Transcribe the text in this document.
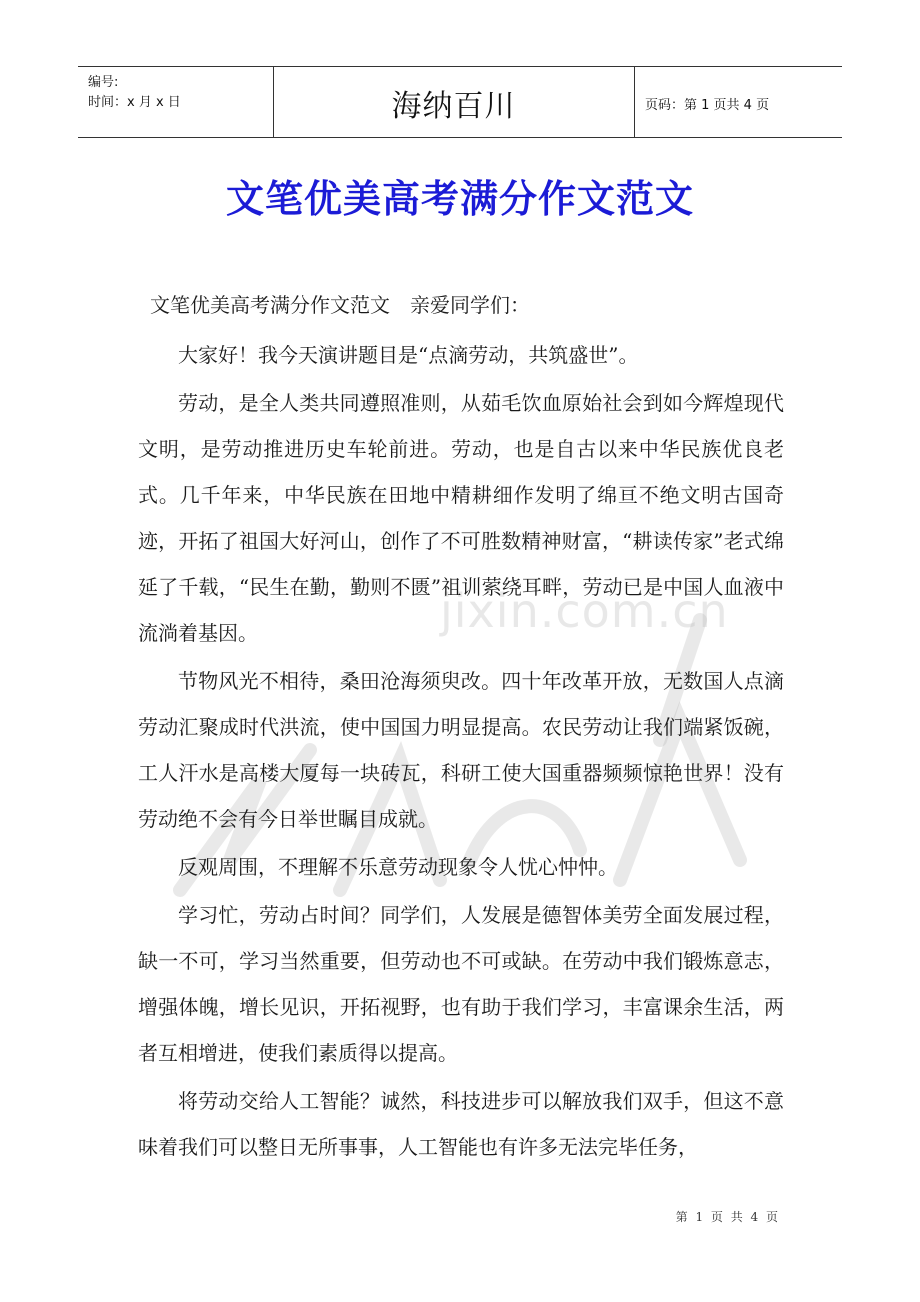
编号:
时间：x 月 x 日	海纳百川	页码：第 1 页共 4 页
文笔优美高考满分作文范文
jixin.com.cn

文笔优美高考满分作文范文　亲爱同学们：

大家好！我今天演讲题目是“点滴劳动，共筑盛世”。

劳动，是全人类共同遵照准则，从茹毛饮血原始社会到如今辉煌现代文明，是劳动推进历史车轮前进。劳动，也是自古以来中华民族优良老式。几千年来，中华民族在田地中精耕细作发明了绵亘不绝文明古国奇迹，开拓了祖国大好河山，创作了不可胜数精神财富，“耕读传家”老式绵延了千载，“民生在勤，勤则不匮”祖训萦绕耳畔，劳动已是中国人血液中流淌着基因。

节物风光不相待，桑田沧海须臾改。四十年改革开放，无数国人点滴劳动汇聚成时代洪流，使中国国力明显提高。农民劳动让我们端紧饭碗，工人汗水是高楼大厦每一块砖瓦，科研工使大国重器频频惊艳世界！没有劳动绝不会有今日举世瞩目成就。

反观周围，不理解不乐意劳动现象令人忧心忡忡。

学习忙，劳动占时间？同学们，人发展是德智体美劳全面发展过程，缺一不可，学习当然重要，但劳动也不可或缺。在劳动中我们锻炼意志，增强体魄，增长见识，开拓视野，也有助于我们学习，丰富课余生活，两者互相增进，使我们素质得以提高。

将劳动交给人工智能？诚然，科技进步可以解放我们双手，但这不意味着我们可以整日无所事事，人工智能也有许多无法完毕任务，

第 1 页 共 4 页
